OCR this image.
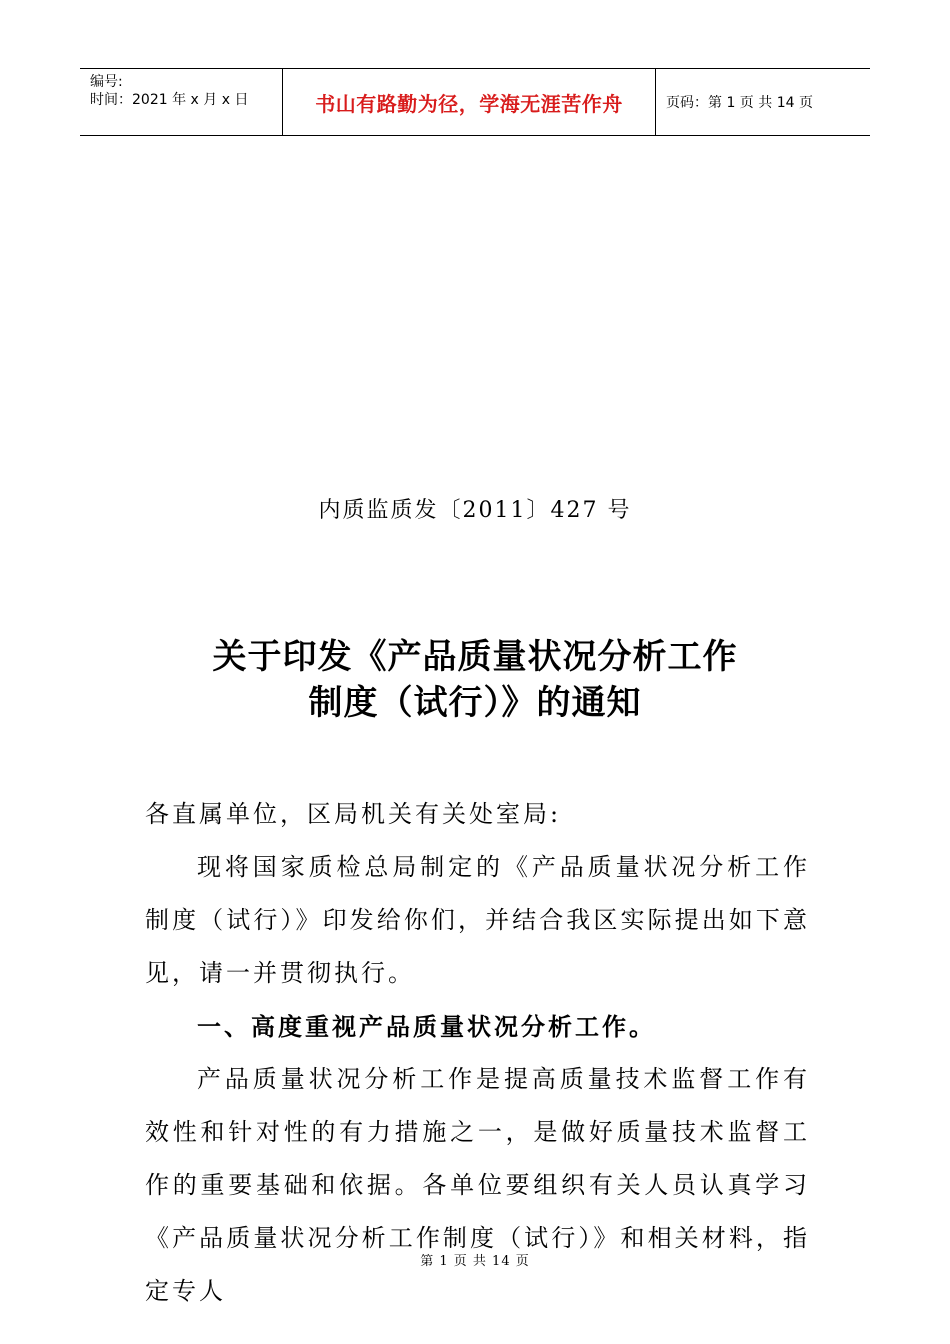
编号:
时间：2021 年 x 月 x 日	书山有路勤为径，学海无涯苦作舟	页码：第 1 页 共 14 页
内质监质发〔2011〕427 号
关于印发《产品质量状况分析工作
制度（试行）》的通知

各直属单位，区局机关有关处室局:

现将国家质检总局制定的《产品质量状况分析工作制度（试行）》印发给你们，并结合我区实际提出如下意见，请一并贯彻执行。

一、高度重视产品质量状况分析工作。

产品质量状况分析工作是提高质量技术监督工作有效性和针对性的有力措施之一，是做好质量技术监督工作的重要基础和依据。各单位要组织有关人员认真学习《产品质量状况分析工作制度（试行）》和相关材料，指定专人

第 1 页 共 14 页
